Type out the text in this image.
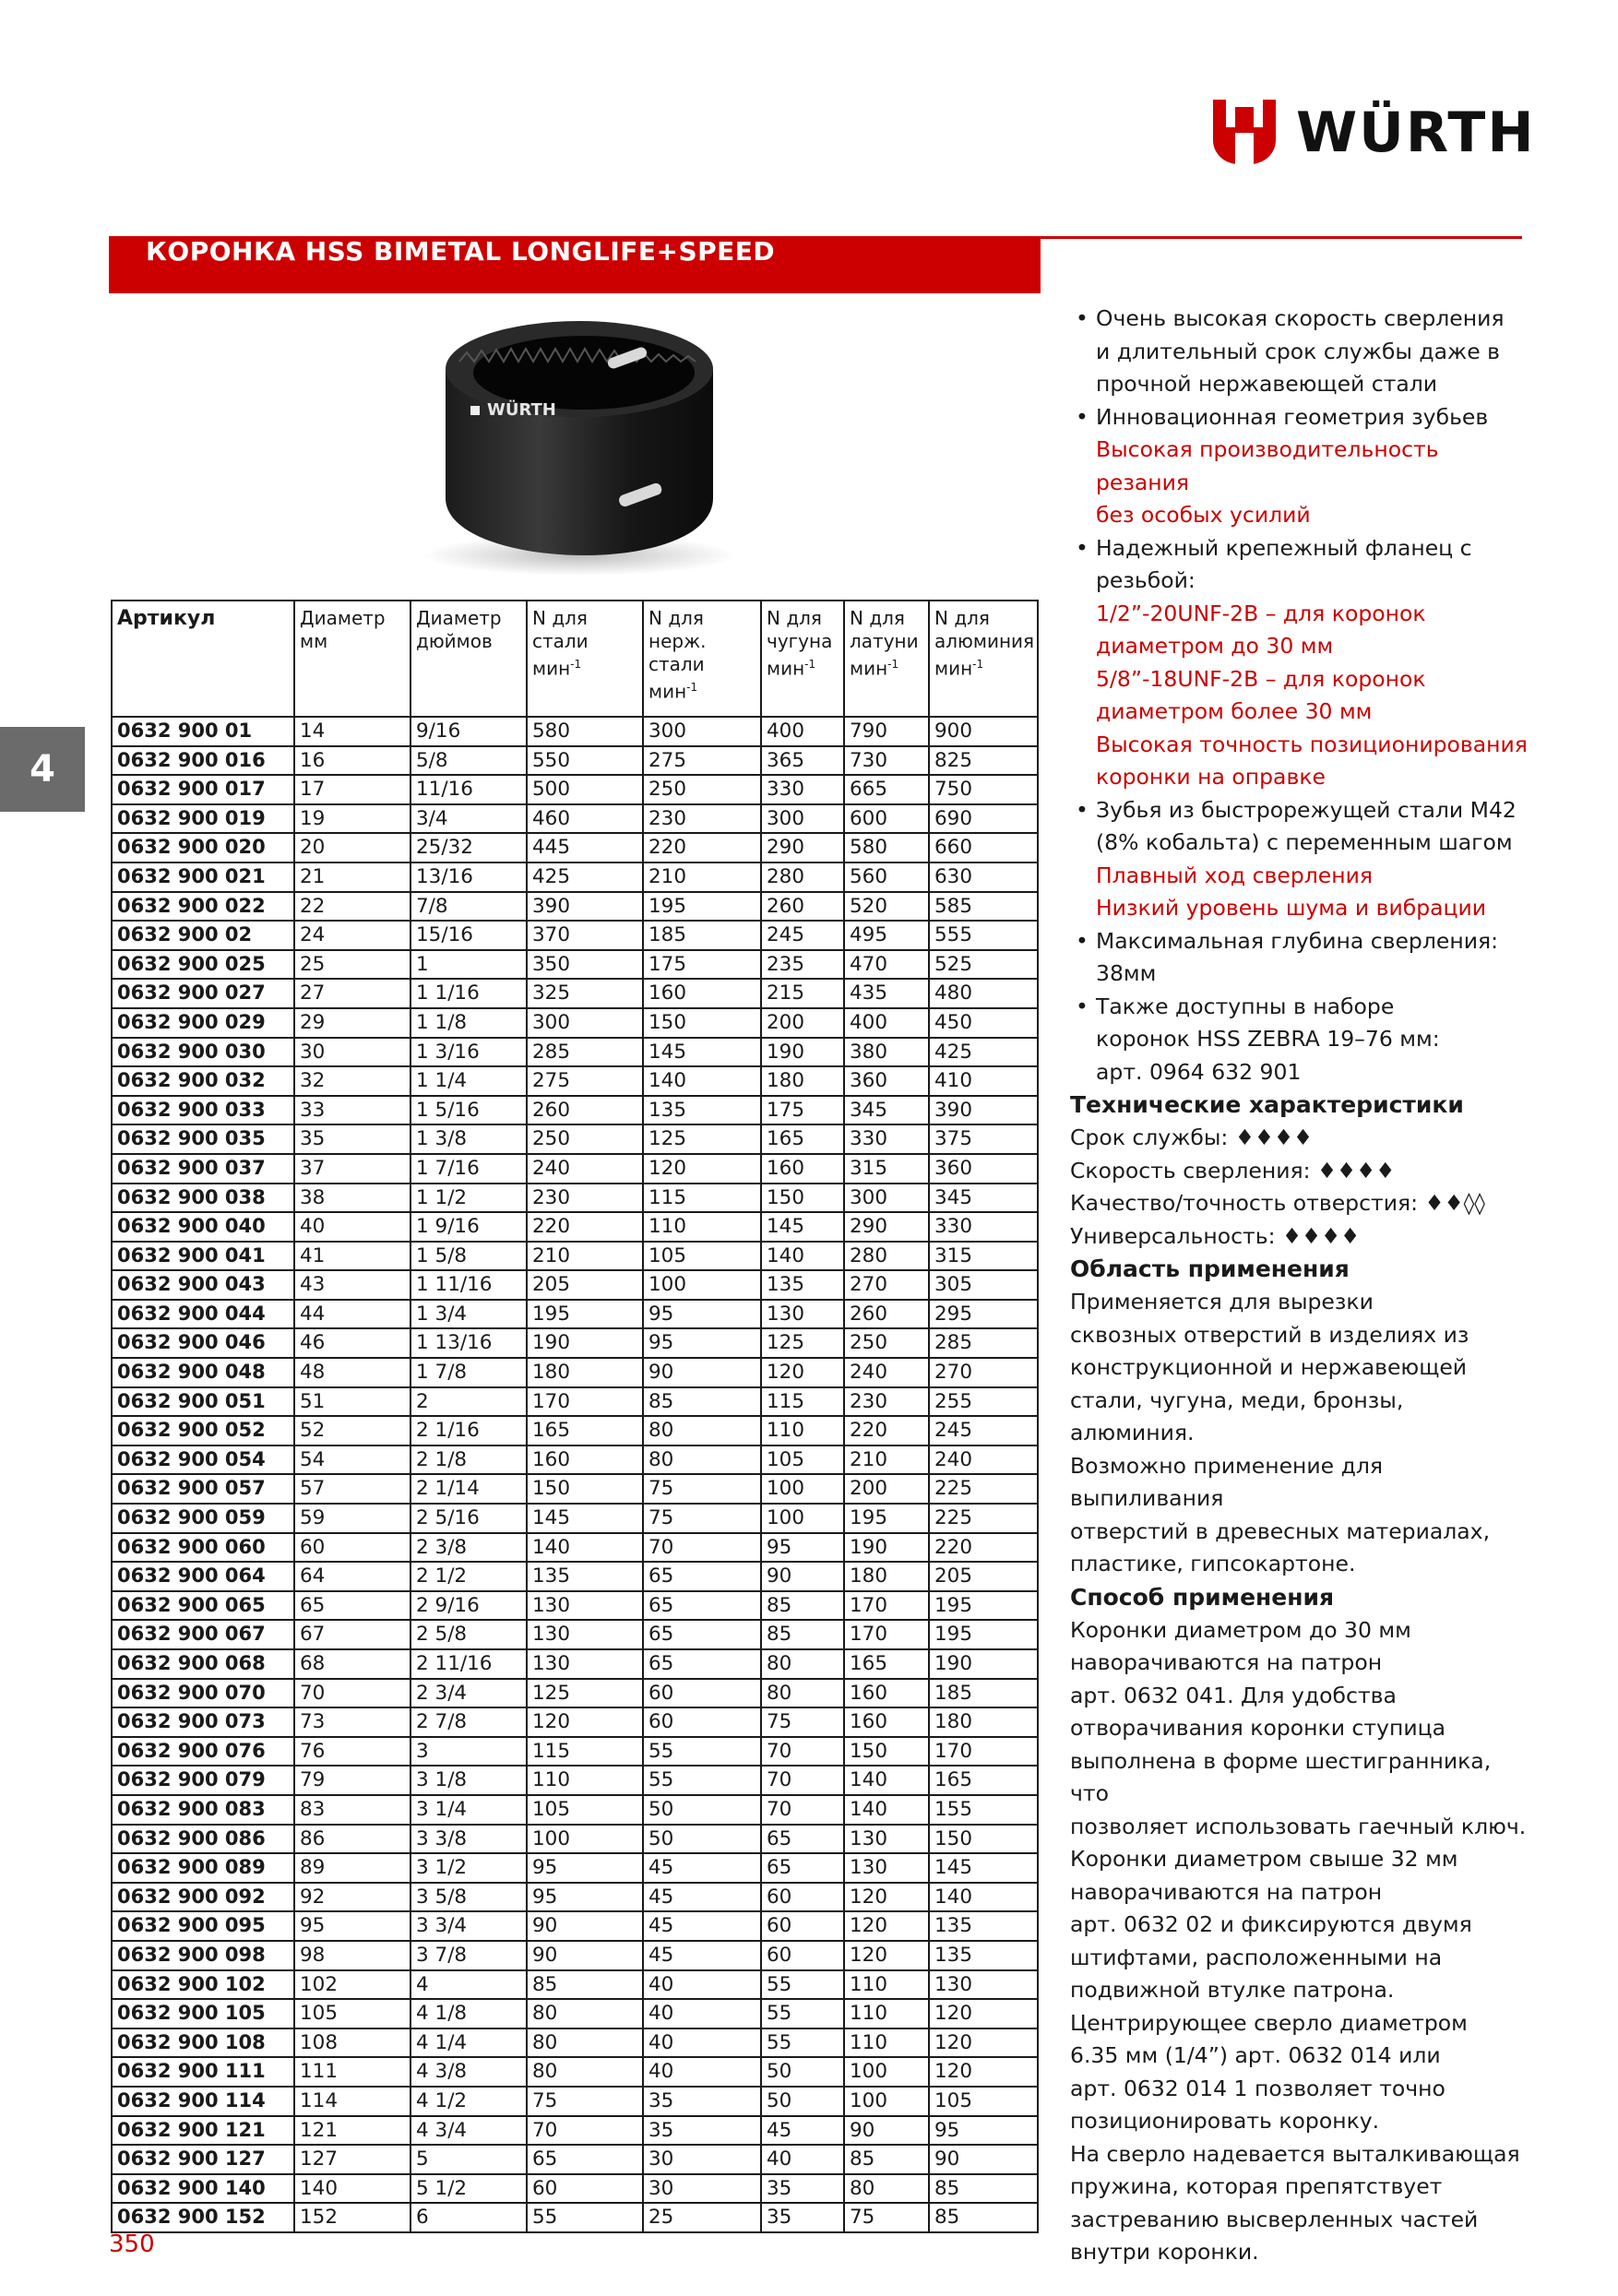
WÜRTH
КОРОНКА HSS BIMETAL LONGLIFE+SPEED
4
WÜRTH
Артикул	Диаметр мм	Диаметр дюймов	N для стали мин$^{-1}$	N для нерж. стали мин$^{-1}$	N для чугуна мин$^{-1}$	N для латуни мин$^{-1}$	N для алюминия мин$^{-1}$
0632 900 01	14	9/16	580	300	400	790	900
0632 900 016	16	5/8	550	275	365	730	825
0632 900 017	17	11/16	500	250	330	665	750
0632 900 019	19	3/4	460	230	300	600	690
0632 900 020	20	25/32	445	220	290	580	660
0632 900 021	21	13/16	425	210	280	560	630
0632 900 022	22	7/8	390	195	260	520	585
0632 900 02	24	15/16	370	185	245	495	555
0632 900 025	25	1	350	175	235	470	525
0632 900 027	27	1 1/16	325	160	215	435	480
0632 900 029	29	1 1/8	300	150	200	400	450
0632 900 030	30	1 3/16	285	145	190	380	425
0632 900 032	32	1 1/4	275	140	180	360	410
0632 900 033	33	1 5/16	260	135	175	345	390
0632 900 035	35	1 3/8	250	125	165	330	375
0632 900 037	37	1 7/16	240	120	160	315	360
0632 900 038	38	1 1/2	230	115	150	300	345
0632 900 040	40	1 9/16	220	110	145	290	330
0632 900 041	41	1 5/8	210	105	140	280	315
0632 900 043	43	1 11/16	205	100	135	270	305
0632 900 044	44	1 3/4	195	95	130	260	295
0632 900 046	46	1 13/16	190	95	125	250	285
0632 900 048	48	1 7/8	180	90	120	240	270
0632 900 051	51	2	170	85	115	230	255
0632 900 052	52	2 1/16	165	80	110	220	245
0632 900 054	54	2 1/8	160	80	105	210	240
0632 900 057	57	2 1/14	150	75	100	200	225
0632 900 059	59	2 5/16	145	75	100	195	225
0632 900 060	60	2 3/8	140	70	95	190	220
0632 900 064	64	2 1/2	135	65	90	180	205
0632 900 065	65	2 9/16	130	65	85	170	195
0632 900 067	67	2 5/8	130	65	85	170	195
0632 900 068	68	2 11/16	130	65	80	165	190
0632 900 070	70	2 3/4	125	60	80	160	185
0632 900 073	73	2 7/8	120	60	75	160	180
0632 900 076	76	3	115	55	70	150	170
0632 900 079	79	3 1/8	110	55	70	140	165
0632 900 083	83	3 1/4	105	50	70	140	155
0632 900 086	86	3 3/8	100	50	65	130	150
0632 900 089	89	3 1/2	95	45	65	130	145
0632 900 092	92	3 5/8	95	45	60	120	140
0632 900 095	95	3 3/4	90	45	60	120	135
0632 900 098	98	3 7/8	90	45	60	120	135
0632 900 102	102	4	85	40	55	110	130
0632 900 105	105	4 1/8	80	40	55	110	120
0632 900 108	108	4 1/4	80	40	55	110	120
0632 900 111	111	4 3/8	80	40	50	100	120
0632 900 114	114	4 1/2	75	35	50	100	105
0632 900 121	121	4 3/4	70	35	45	90	95
0632 900 127	127	5	65	30	40	85	90
0632 900 140	140	5 1/2	60	30	35	80	85
0632 900 152	152	6	55	25	35	75	85
• Очень высокая скорость сверления
и длительный срок службы даже в
прочной нержавеющей стали
• Инновационная геометрия зубьев
Высокая производительность резания
без особых усилий
• Надежный крепежный фланец с
резьбой:
1/2”-20UNF-2B – для коронок
диаметром до 30 мм
5/8”-18UNF-2B – для коронок
диаметром более 30 мм
Высокая точность позиционирования
коронки на оправке
• Зубья из быстрорежущей стали M42
(8% кобальта) с переменным шагом
Плавный ход сверления
Низкий уровень шума и вибрации
• Максимальная глубина сверления:
38мм
• Также доступны в наборе
коронок HSS ZEBRA 19–76 мм:
арт. 0964 632 901
Технические характеристики

Срок службы: ♦♦♦♦

Скорость сверления: ♦♦♦♦

Качество/точность отверстия: ♦♦◊◊

Универсальность: ♦♦♦♦

Область применения

Применяется для вырезки

сквозных отверстий в изделиях из

конструкционной и нержавеющей

стали, чугуна, меди, бронзы, алюминия.

Возможно применение для выпиливания

отверстий в древесных материалах,

пластике, гипсокартоне.

Способ применения

Коронки диаметром до 30 мм

наворачиваются на патрон

арт. 0632 041. Для удобства

отворачивания коронки ступица

выполнена в форме шестигранника, что

позволяет использовать гаечный ключ.

Коронки диаметром свыше 32 мм

наворачиваются на патрон

арт. 0632 02 и фиксируются двумя

штифтами, расположенными на

подвижной втулке патрона.

Центрирующее сверло диаметром

6.35 мм (1/4”) арт. 0632 014 или

арт. 0632 014 1 позволяет точно

позиционировать коронку.

На сверло надевается выталкивающая

пружина, которая препятствует

застреванию высверленных частей

внутри коронки.

350
